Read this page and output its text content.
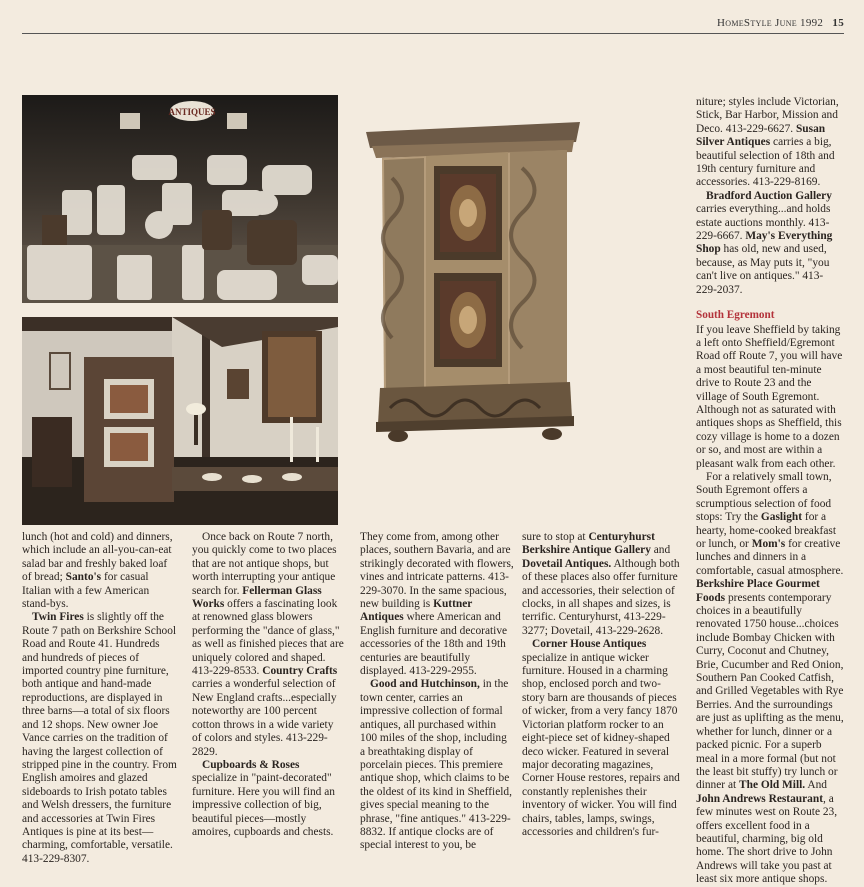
HomeStyle June 1992 15

ANTIQUES

niture; styles include Victorian, Stick, Bar Harbor, Mission and Deco. 413-229-6627. Susan Silver Antiques carries a big, beautiful selection of 18th and 19th century furniture and accessories. 413-229-8169.

Bradford Auction Gallery carries everything...and holds estate auctions monthly. 413-229-6667. May's Everything Shop has old, new and used, because, as May puts it, "you can't live on antiques." 413-229-2037.

South Egremont

If you leave Sheffield by taking a left onto Sheffield/Egremont Road off Route 7, you will have a most beautiful ten-minute drive to Route 23 and the village of South Egremont. Although not as saturated with antiques shops as Sheffield, this cozy village is home to a dozen or so, and most are within a pleasant walk from each other.

For a relatively small town, South Egremont offers a scrumptious selection of food stops: Try the Gaslight for a hearty, home-cooked breakfast or lunch, or Mom's for creative lunches and dinners in a comfortable, casual atmosphere. Berkshire Place Gourmet Foods presents contemporary choices in a beautifully renovated 1750 house...choices include Bombay Chicken with Curry, Coconut and Chutney, Brie, Cucumber and Red Onion, Southern Pan Cooked Catfish, and Grilled Vegetables with Rye Berries. And the surroundings are just as uplifting as the menu, whether for lunch, dinner or a packed picnic. For a superb meal in a more formal (but not the least bit stuffy) try lunch or dinner at The Old Mill. And John Andrews Restaurant, a few minutes west on Route 23, offers excellent food in a beautiful, charming, big old home. The short drive to John Andrews will take you past at least six more antique shops.

lunch (hot and cold) and dinners, which include an all-you-can-eat salad bar and freshly baked loaf of bread; Santo's for casual Italian with a few American stand-bys.

Twin Fires is slightly off the Route 7 path on Berkshire School Road and Route 41. Hundreds and hundreds of pieces of imported country pine furniture, both antique and hand-made reproductions, are displayed in three barns—a total of six floors and 12 shops. New owner Joe Vance carries on the tradition of having the largest collection of stripped pine in the country. From English amoires and glazed sideboards to Irish potato tables and Welsh dressers, the furniture and accessories at Twin Fires Antiques is pine at its best—charming, comfortable, versatile. 413-229-8307.

Once back on Route 7 north, you quickly come to two places that are not antique shops, but worth interrupting your antique search for. Fellerman Glass Works offers a fascinating look at renowned glass blowers performing the "dance of glass," as well as finished pieces that are uniquely colored and shaped. 413-229-8533. Country Crafts carries a wonderful selection of New England crafts...especially noteworthy are 100 percent cotton throws in a wide variety of colors and styles. 413-229-2829.

Cupboards & Roses specialize in "paint-decorated" furniture. Here you will find an impressive collection of big, beautiful pieces—mostly amoires, cupboards and chests.

They come from, among other places, southern Bavaria, and are strikingly decorated with flowers, vines and intricate patterns. 413-229-3070. In the same spacious, new building is Kuttner Antiques where American and English furniture and decorative accessories of the 18th and 19th centuries are beautifully displayed. 413-229-2955.

Good and Hutchinson, in the town center, carries an impressive collection of formal antiques, all purchased within 100 miles of the shop, including a breathtaking display of porcelain pieces. This premiere antique shop, which claims to be the oldest of its kind in Sheffield, gives special meaning to the phrase, "fine antiques." 413-229-8832. If antique clocks are of special interest to you, be

sure to stop at Centuryhurst Berkshire Antique Gallery and Dovetail Antiques. Although both of these places also offer furniture and accessories, their selection of clocks, in all shapes and sizes, is terrific. Centuryhurst, 413-229-3277; Dovetail, 413-229-2628.

Corner House Antiques specialize in antique wicker furniture. Housed in a charming shop, enclosed porch and two-story barn are thousands of pieces of wicker, from a very fancy 1870 Victorian platform rocker to an eight-piece set of kidney-shaped deco wicker. Featured in several major decorating magazines, Corner House restores, repairs and constantly replenishes their inventory of wicker. You will find chairs, tables, lamps, swings, accessories and children's fur-
